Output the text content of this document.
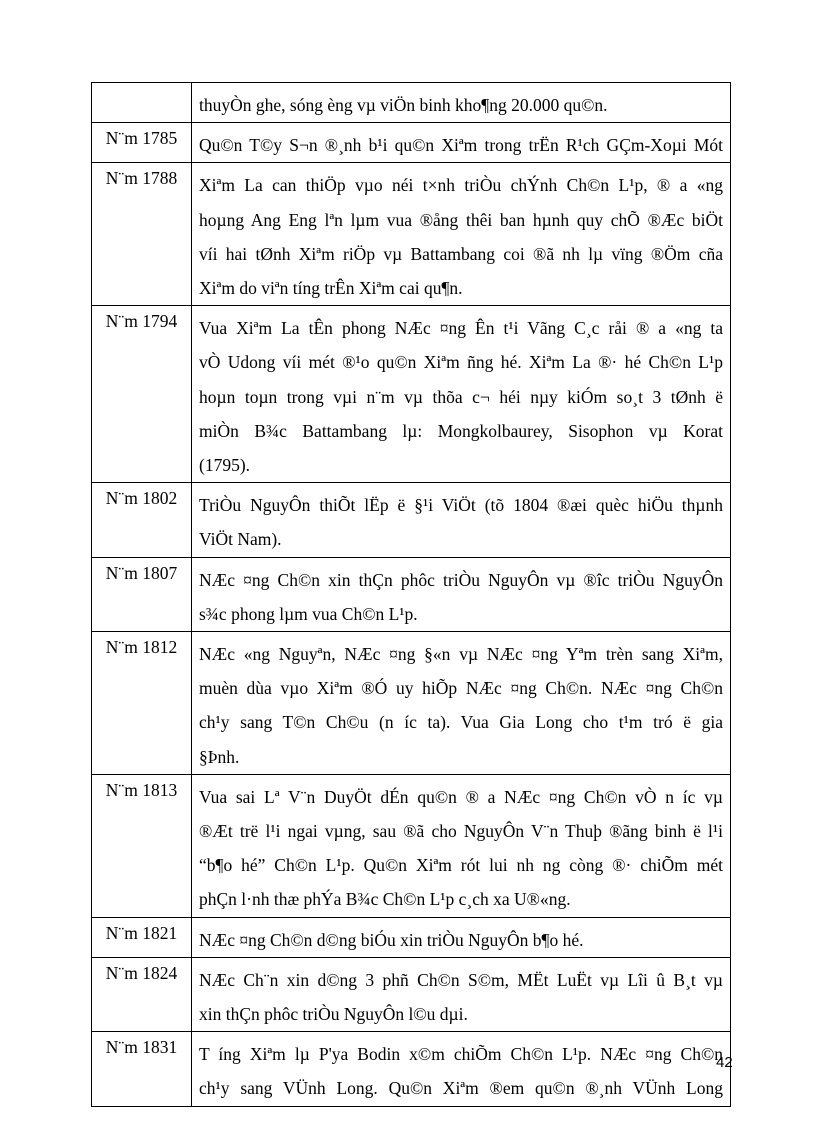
	thuyÒn ghe, sóng èng vµ viÖn binh kho¶ng 20.000 qu©n.

N¨m 1785	Qu©n T©y S¬n ®¸nh b¹i qu©n Xiªm trong trËn R¹ch GÇm-Xoµi Mót

N¨m 1788	Xiªm La can thiÖp vµo néi t×nh triÒu chÝnh Ch©n L¹p, ® a «ng
hoµng Ang Eng lªn lµm vua ®ång thêi ban hµnh quy chÕ ®Æc biÖt
víi hai tØnh Xiªm riÖp vµ Battambang coi ®ã nh lµ vïng ®Öm cña
Xiªm do viªn tíng trÊn Xiªm cai qu¶n.

N¨m 1794	Vua Xiªm La tÊn phong NÆc ¤ng Ên t¹i Vãng C¸c råi ® a «ng ta
vÒ Udong víi mét ®¹o qu©n Xiªm ñng hé. Xiªm La ®· hé Ch©n L¹p
hoµn toµn trong vµi n¨m vµ thõa c¬ héi nµy kiÓm so¸t 3 tØnh ë
miÒn B¾c Battambang lµ: Mongkolbaurey, Sisophon vµ Korat
(1795).

N¨m 1802	TriÒu NguyÔn thiÕt lËp ë §¹i ViÖt (tõ 1804 ®æi quèc hiÖu thµnh
ViÖt Nam).

N¨m 1807	NÆc ¤ng Ch©n xin thÇn phôc triÒu NguyÔn vµ ®îc triÒu NguyÔn
s¾c phong lµm vua Ch©n L¹p.

N¨m 1812	NÆc «ng Nguyªn, NÆc ¤ng §«n vµ NÆc ¤ng Yªm trèn sang Xiªm,
muèn dùa vµo Xiªm ®Ó uy hiÕp NÆc ¤ng Ch©n. NÆc ¤ng Ch©n
ch¹y sang T©n Ch©u (n íc ta). Vua Gia Long cho t¹m tró ë gia
§Þnh.

N¨m 1813	Vua sai Lª V¨n DuyÖt dÉn qu©n ® a NÆc ¤ng Ch©n vÒ n íc vµ
®Æt trë l¹i ngai vµng, sau ®ã cho NguyÔn V¨n Thuþ ®ãng binh ë l¹i
“b¶o hé” Ch©n L¹p. Qu©n Xiªm rót lui nh ng còng ®· chiÕm mét
phÇn l·nh thæ phÝa B¾c Ch©n L¹p c¸ch xa U®«ng.

N¨m 1821	NÆc ¤ng Ch©n d©ng biÓu xin triÒu NguyÔn b¶o hé.

N¨m 1824	NÆc Ch¨n xin d©ng 3 phñ Ch©n S©m, MËt LuËt vµ Lîi û B¸t vµ
xin thÇn phôc triÒu NguyÔn l©u dµi.

N¨m 1831	T íng Xiªm lµ P'ya Bodin x©m chiÕm Ch©n L¹p. NÆc ¤ng Ch©n
ch¹y sang VÜnh Long. Qu©n Xiªm ®em qu©n ®¸nh VÜnh Long
42
